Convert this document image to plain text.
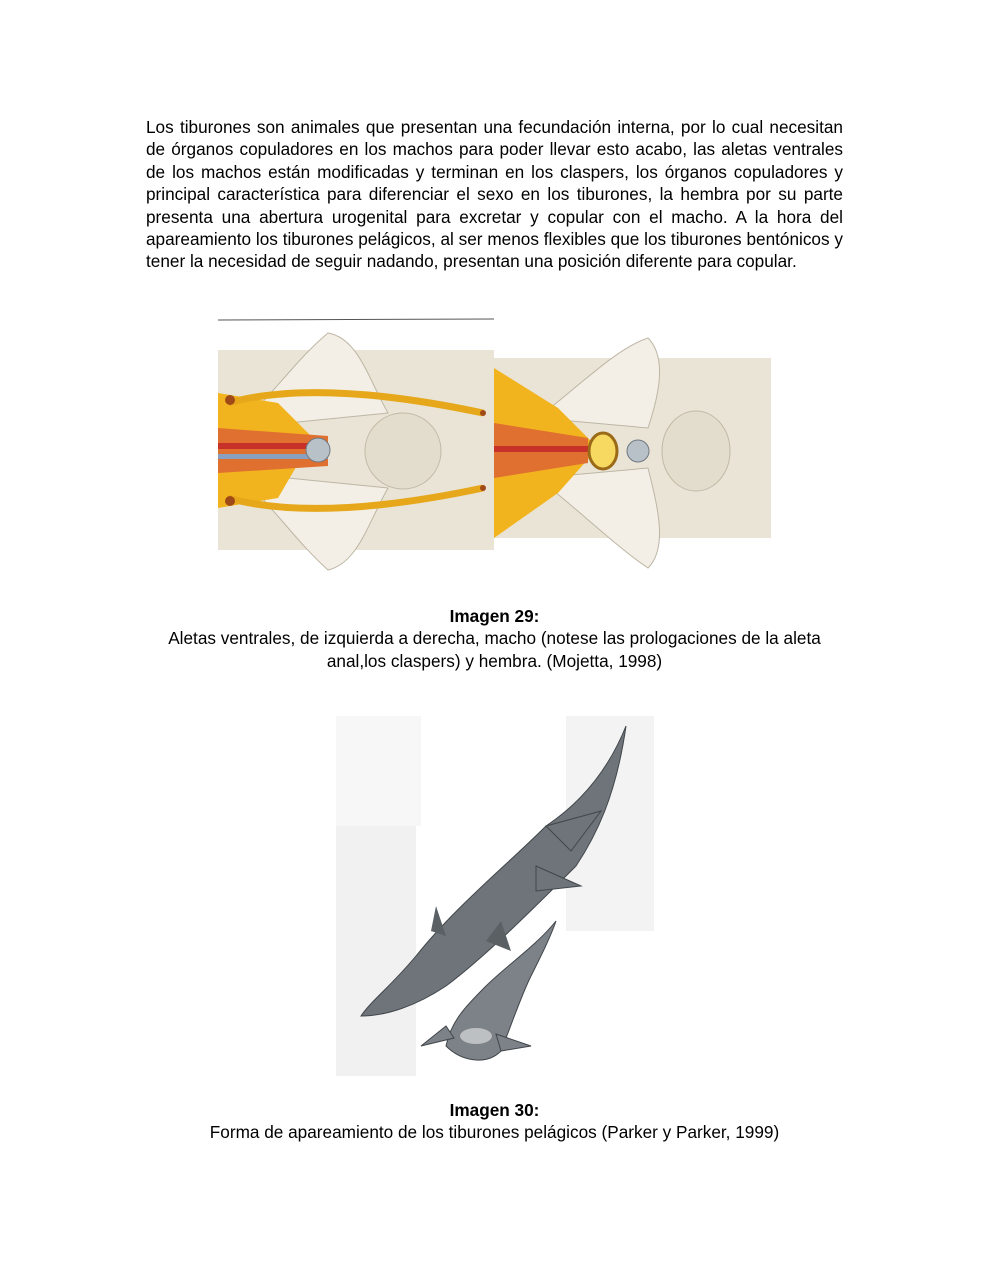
Los tiburones son animales que presentan una fecundación interna, por lo cual necesitan de órganos copuladores en los machos para poder llevar esto acabo, las aletas ventrales de los machos están modificadas y terminan en los claspers, los órganos copuladores y principal característica para diferenciar el sexo en los tiburones, la hembra por su parte presenta una abertura urogenital para excretar y copular con el macho. A la hora del apareamiento los tiburones pelágicos, al ser menos flexibles que los tiburones bentónicos y tener la necesidad de seguir nadando, presentan una posición diferente para copular.

Imagen 29:
Aletas ventrales, de izquierda a derecha, macho (notese las prologaciones de la aleta anal,los claspers) y hembra. (Mojetta, 1998)
Imagen 30:
Forma de apareamiento de los tiburones pelágicos (Parker y Parker, 1999)
